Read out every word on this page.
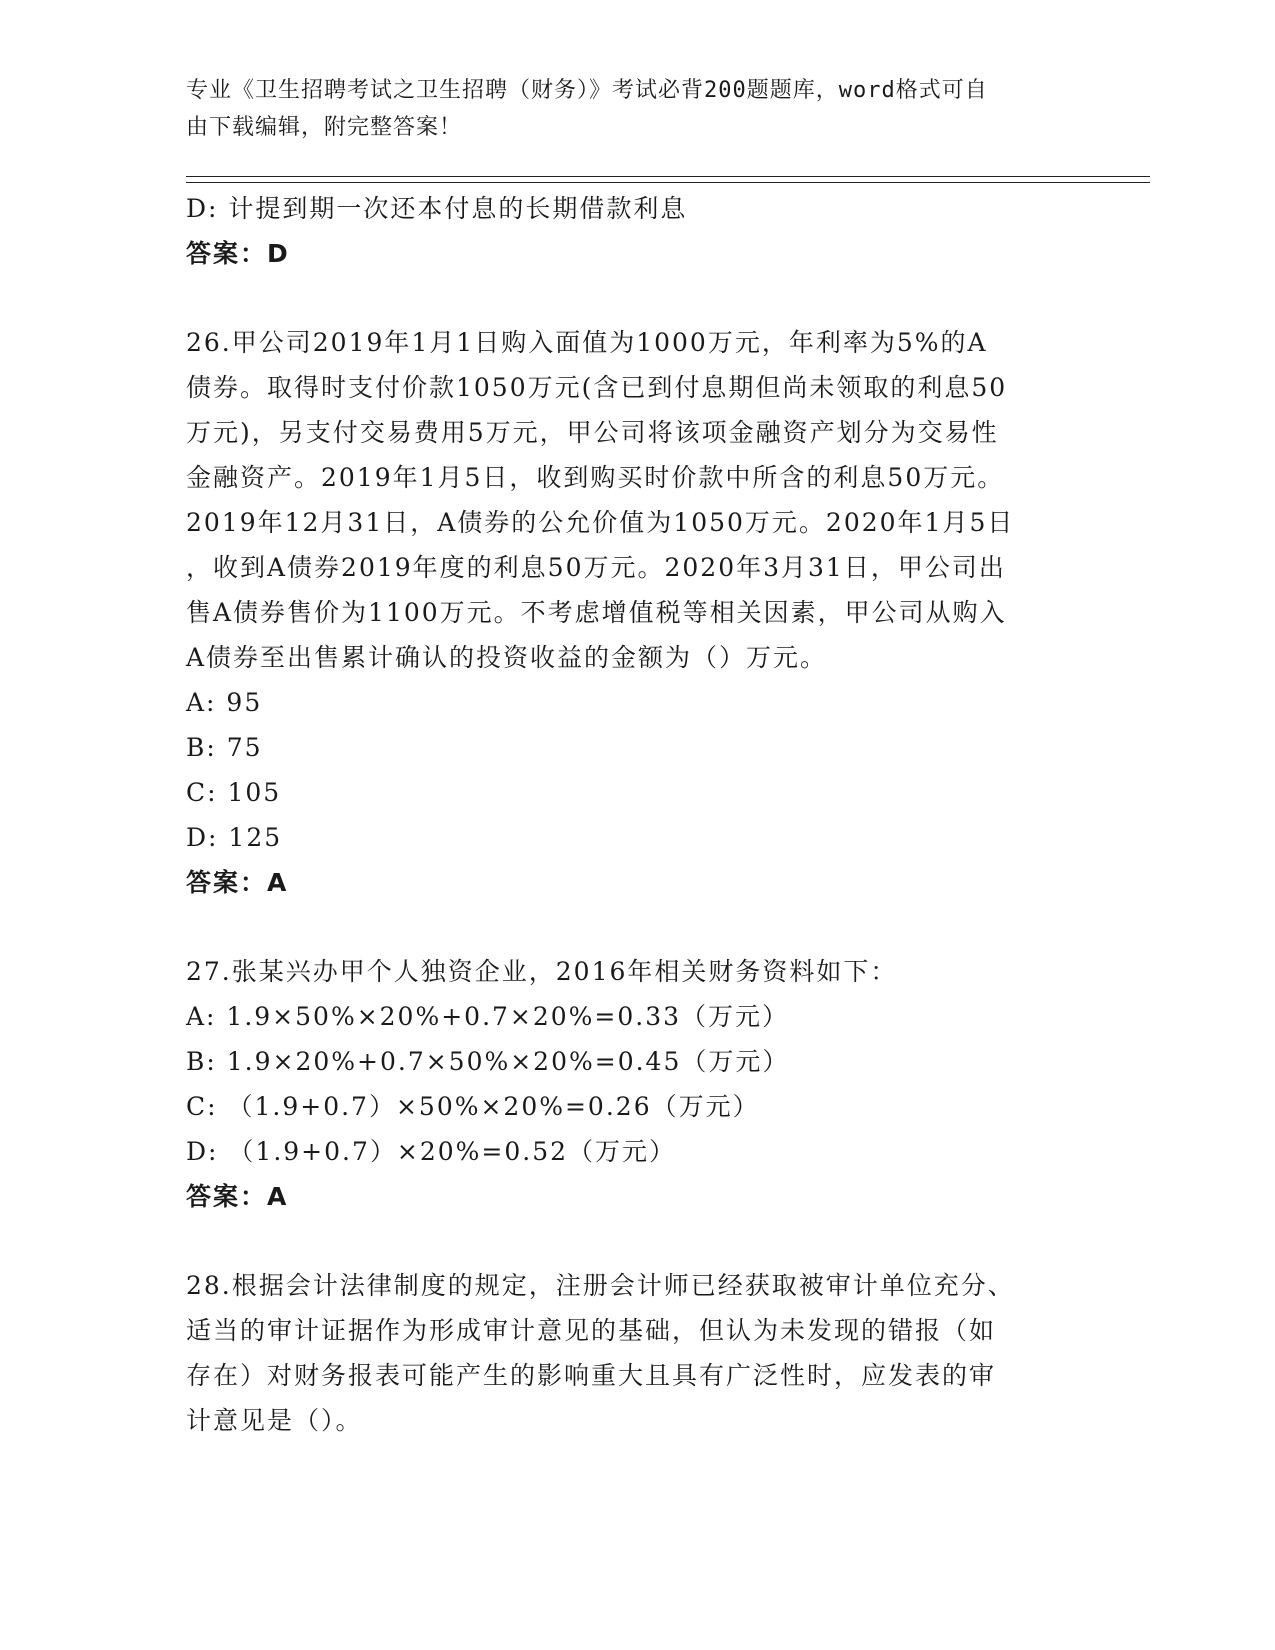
专业《卫生招聘考试之卫生招聘（财务）》考试必背200题题库，word格式可自
由下载编辑，附完整答案！
D: 计提到期一次还本付息的长期借款利息
答案：D
26.甲公司2019年1月1日购入面值为1000万元，年利率为5%的A
债券。取得时支付价款1050万元(含已到付息期但尚未领取的利息50
万元)，另支付交易费用5万元，甲公司将该项金融资产划分为交易性
金融资产。2019年1月5日，收到购买时价款中所含的利息50万元。
2019年12月31日，A债券的公允价值为1050万元。2020年1月5日
，收到A债券2019年度的利息50万元。2020年3月31日，甲公司出
售A债券售价为1100万元。不考虑增值税等相关因素，甲公司从购入
A债券至出售累计确认的投资收益的金额为（）万元。
A: 95
B: 75
C: 105
D: 125
答案：A
27.张某兴办甲个人独资企业，2016年相关财务资料如下：
A: 1.9×50%×20%+0.7×20%=0.33（万元）
B: 1.9×20%+0.7×50%×20%=0.45（万元）
C: （1.9+0.7）×50%×20%=0.26（万元）
D: （1.9+0.7）×20%=0.52（万元）
答案：A
28.根据会计法律制度的规定，注册会计师已经获取被审计单位充分、
适当的审计证据作为形成审计意见的基础，但认为未发现的错报（如
存在）对财务报表可能产生的影响重大且具有广泛性时，应发表的审
计意见是（）。
